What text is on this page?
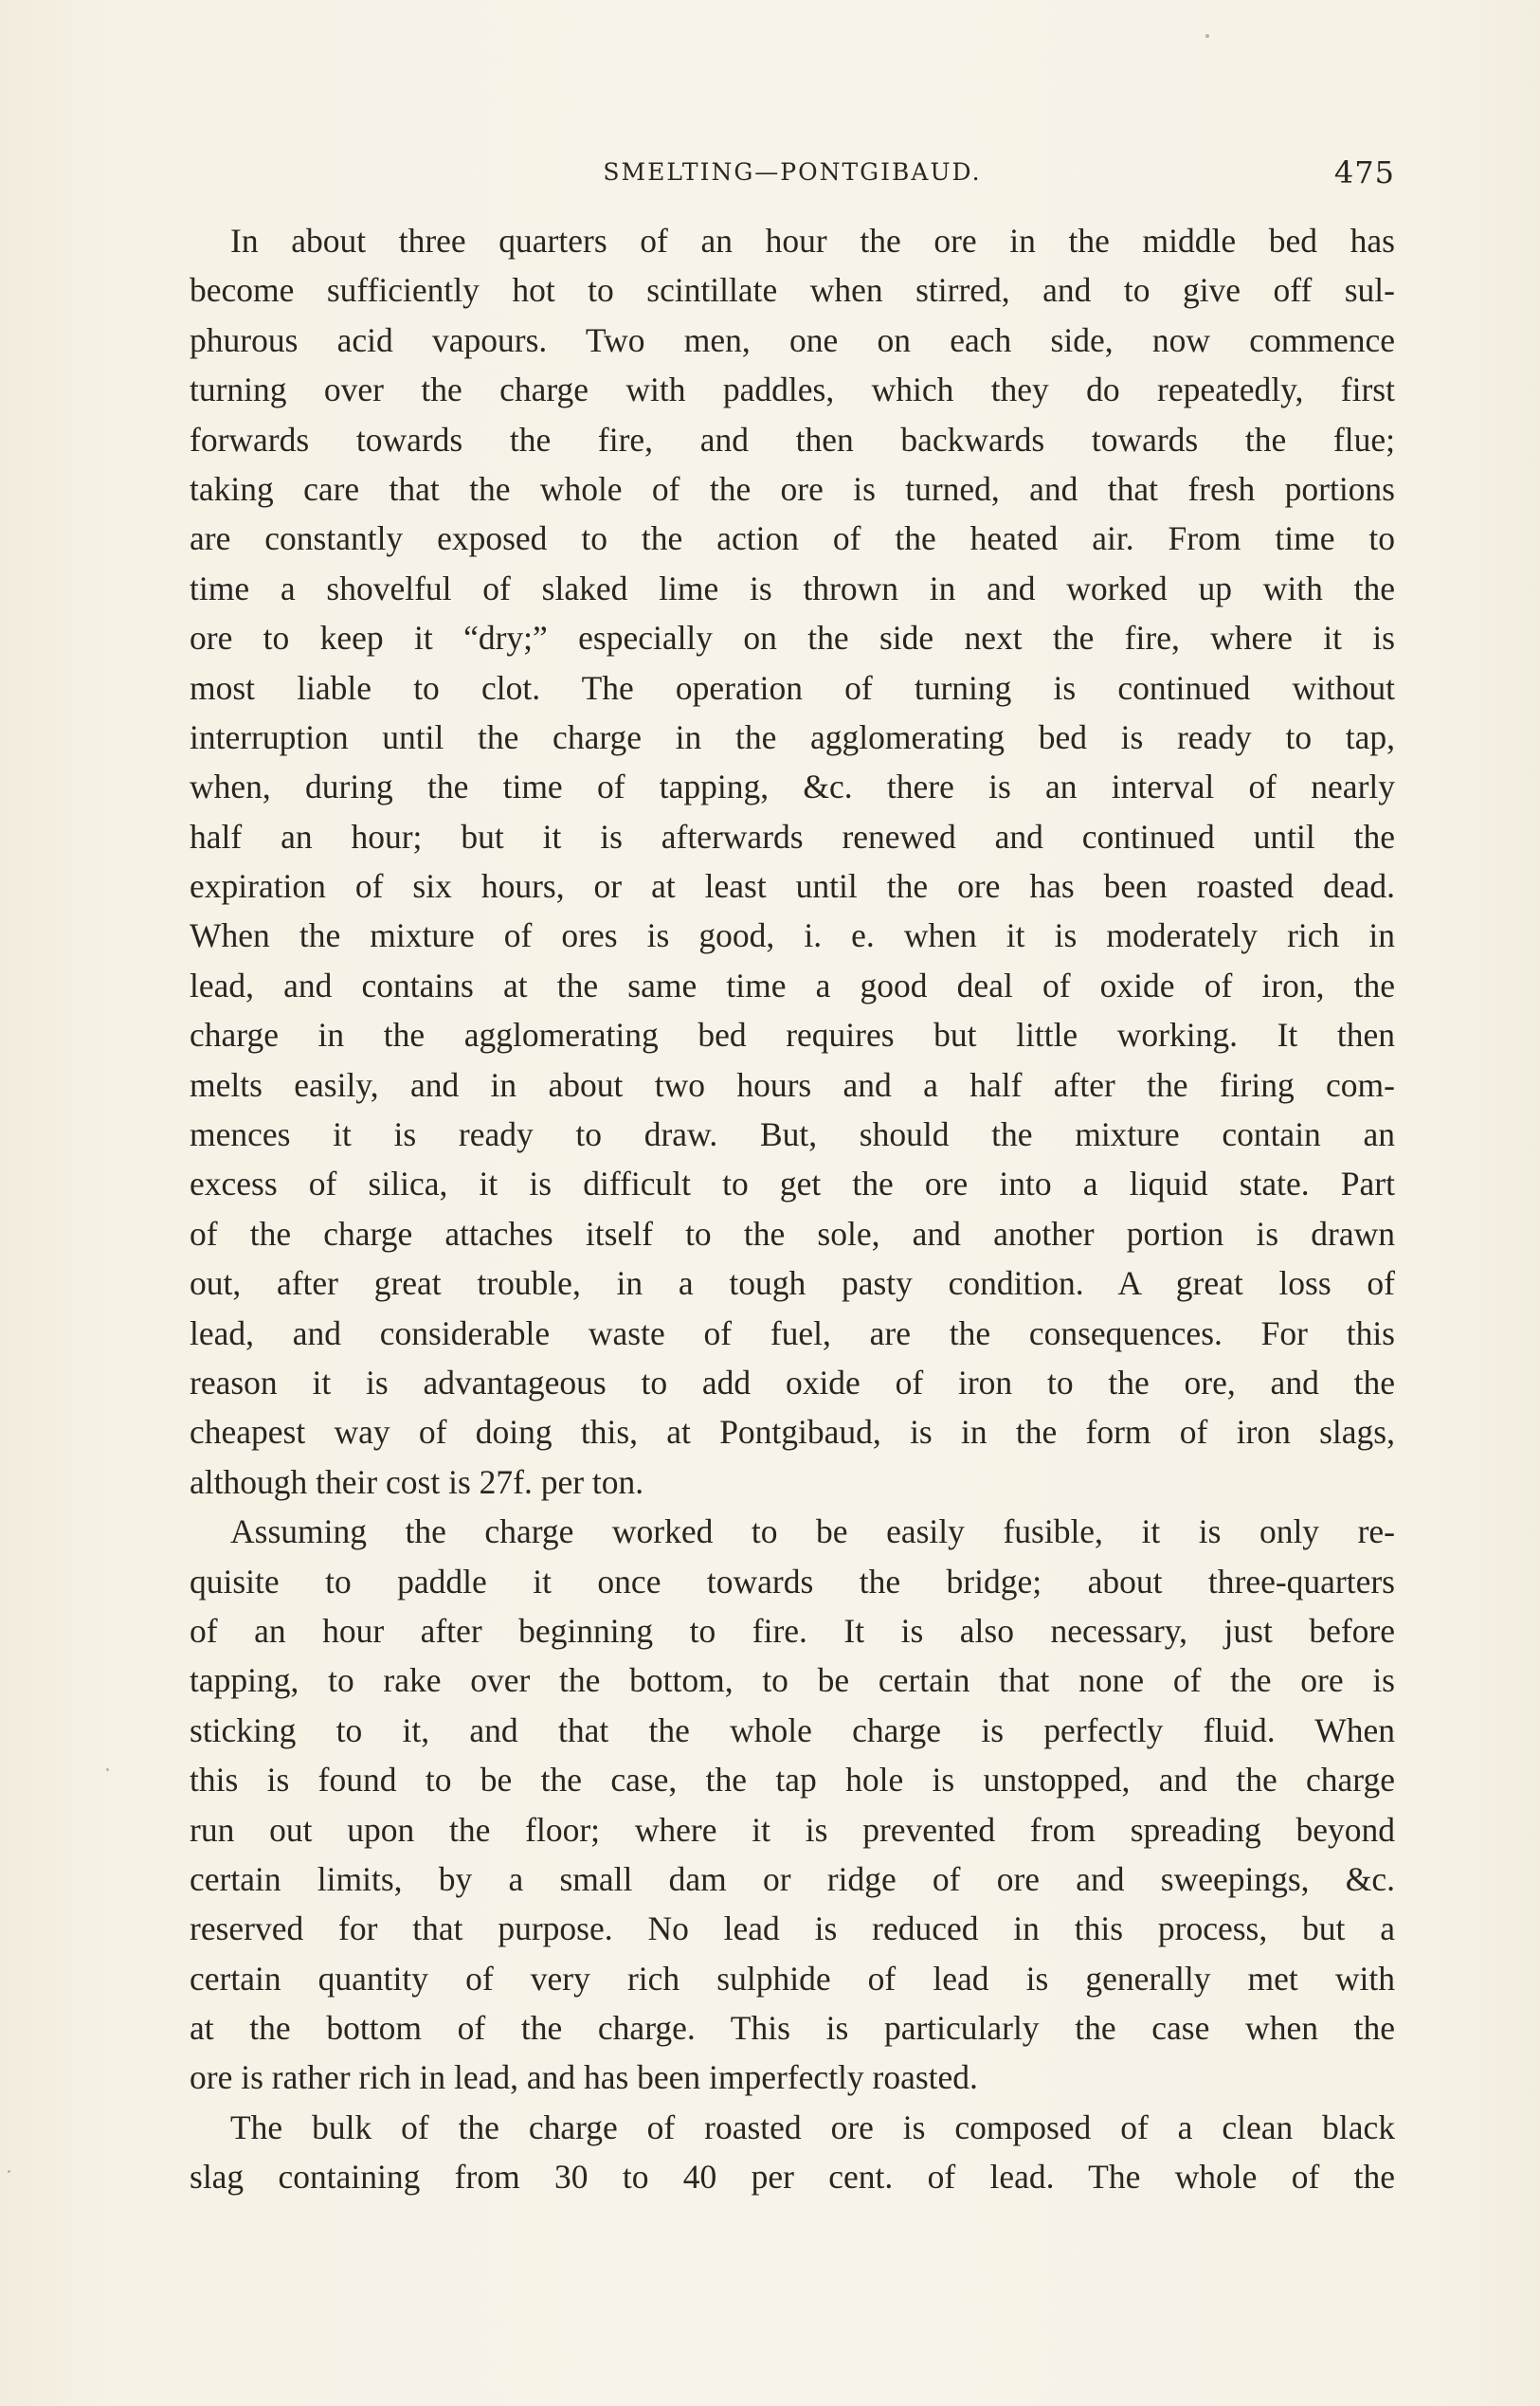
SMELTING—PONTGIBAUD.	475

In about three quarters of an hour the ore in the middle bed has
become sufficiently hot to scintillate when stirred, and to give off sul-
phurous acid vapours. Two men, one on each side, now commence
turning over the charge with paddles, which they do repeatedly, first
forwards towards the fire, and then backwards towards the flue;
taking care that the whole of the ore is turned, and that fresh portions
are constantly exposed to the action of the heated air. From time to
time a shovelful of slaked lime is thrown in and worked up with the
ore to keep it “dry;” especially on the side next the fire, where it is
most liable to clot. The operation of turning is continued without
interruption until the charge in the agglomerating bed is ready to tap,
when, during the time of tapping, &c. there is an interval of nearly
half an hour; but it is afterwards renewed and continued until the
expiration of six hours, or at least until the ore has been roasted dead.
When the mixture of ores is good, i. e. when it is moderately rich in
lead, and contains at the same time a good deal of oxide of iron, the
charge in the agglomerating bed requires but little working. It then
melts easily, and in about two hours and a half after the firing com-
mences it is ready to draw. But, should the mixture contain an
excess of silica, it is difficult to get the ore into a liquid state. Part
of the charge attaches itself to the sole, and another portion is drawn
out, after great trouble, in a tough pasty condition. A great loss of
lead, and considerable waste of fuel, are the consequences. For this
reason it is advantageous to add oxide of iron to the ore, and the
cheapest way of doing this, at Pontgibaud, is in the form of iron slags,
although their cost is 27f. per ton.

Assuming the charge worked to be easily fusible, it is only re-
quisite to paddle it once towards the bridge; about three-quarters
of an hour after beginning to fire. It is also necessary, just before
tapping, to rake over the bottom, to be certain that none of the ore is
sticking to it, and that the whole charge is perfectly fluid. When
this is found to be the case, the tap hole is unstopped, and the charge
run out upon the floor; where it is prevented from spreading beyond
certain limits, by a small dam or ridge of ore and sweepings, &c.
reserved for that purpose. No lead is reduced in this process, but a
certain quantity of very rich sulphide of lead is generally met with
at the bottom of the charge. This is particularly the case when the
ore is rather rich in lead, and has been imperfectly roasted.

The bulk of the charge of roasted ore is composed of a clean black
slag containing from 30 to 40 per cent. of lead. The whole of the
